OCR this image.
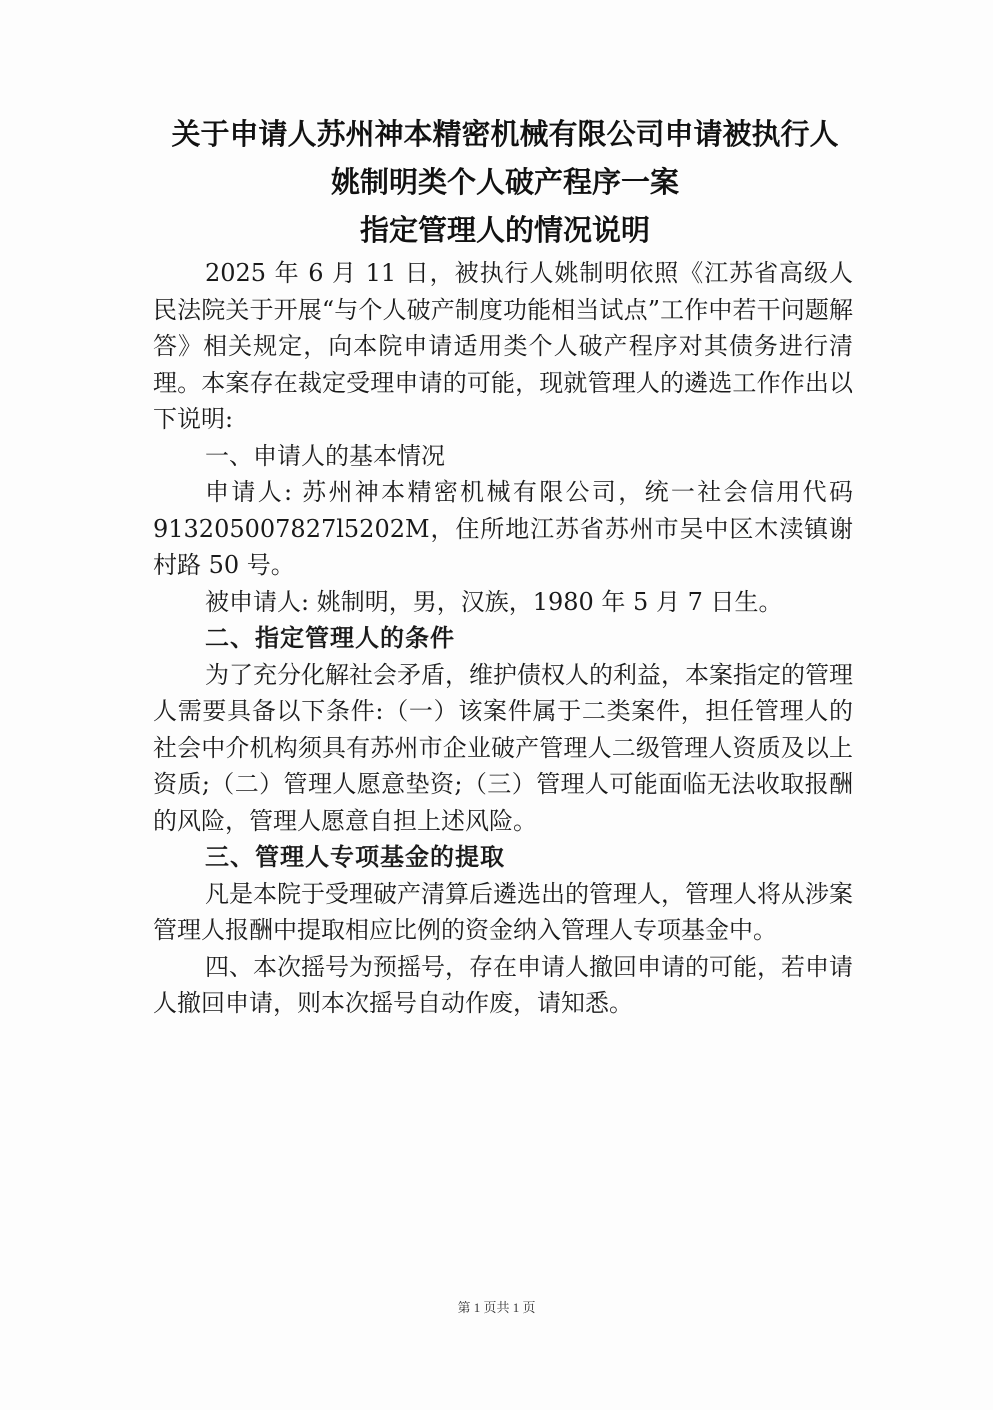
关于申请人苏州神本精密机械有限公司申请被执行人
姚制明类个人破产程序一案
指定管理人的情况说明

2025 年 6 月 11 日，被执行人姚制明依照《江苏省高级人民法院关于开展“与个人破产制度功能相当试点”工作中若干问题解答》相关规定，向本院申请适用类个人破产程序对其债务进行清理。本案存在裁定受理申请的可能，现就管理人的遴选工作作出以下说明:

一、申请人的基本情况

申请人: 苏州神本精密机械有限公司，统一社会信用代码 913205007827l5202M，住所地江苏省苏州市吴中区木渎镇谢村路 50 号。

被申请人: 姚制明，男，汉族，1980 年 5 月 7 日生。

二、指定管理人的条件

为了充分化解社会矛盾，维护债权人的利益，本案指定的管理人需要具备以下条件:（一）该案件属于二类案件，担任管理人的社会中介机构须具有苏州市企业破产管理人二级管理人资质及以上资质;（二）管理人愿意垫资;（三）管理人可能面临无法收取报酬的风险，管理人愿意自担上述风险。

三、管理人专项基金的提取

凡是本院于受理破产清算后遴选出的管理人，管理人将从涉案管理人报酬中提取相应比例的资金纳入管理人专项基金中。

四、本次摇号为预摇号，存在申请人撤回申请的可能，若申请人撤回申请，则本次摇号自动作废，请知悉。

第 1 页共 1 页
